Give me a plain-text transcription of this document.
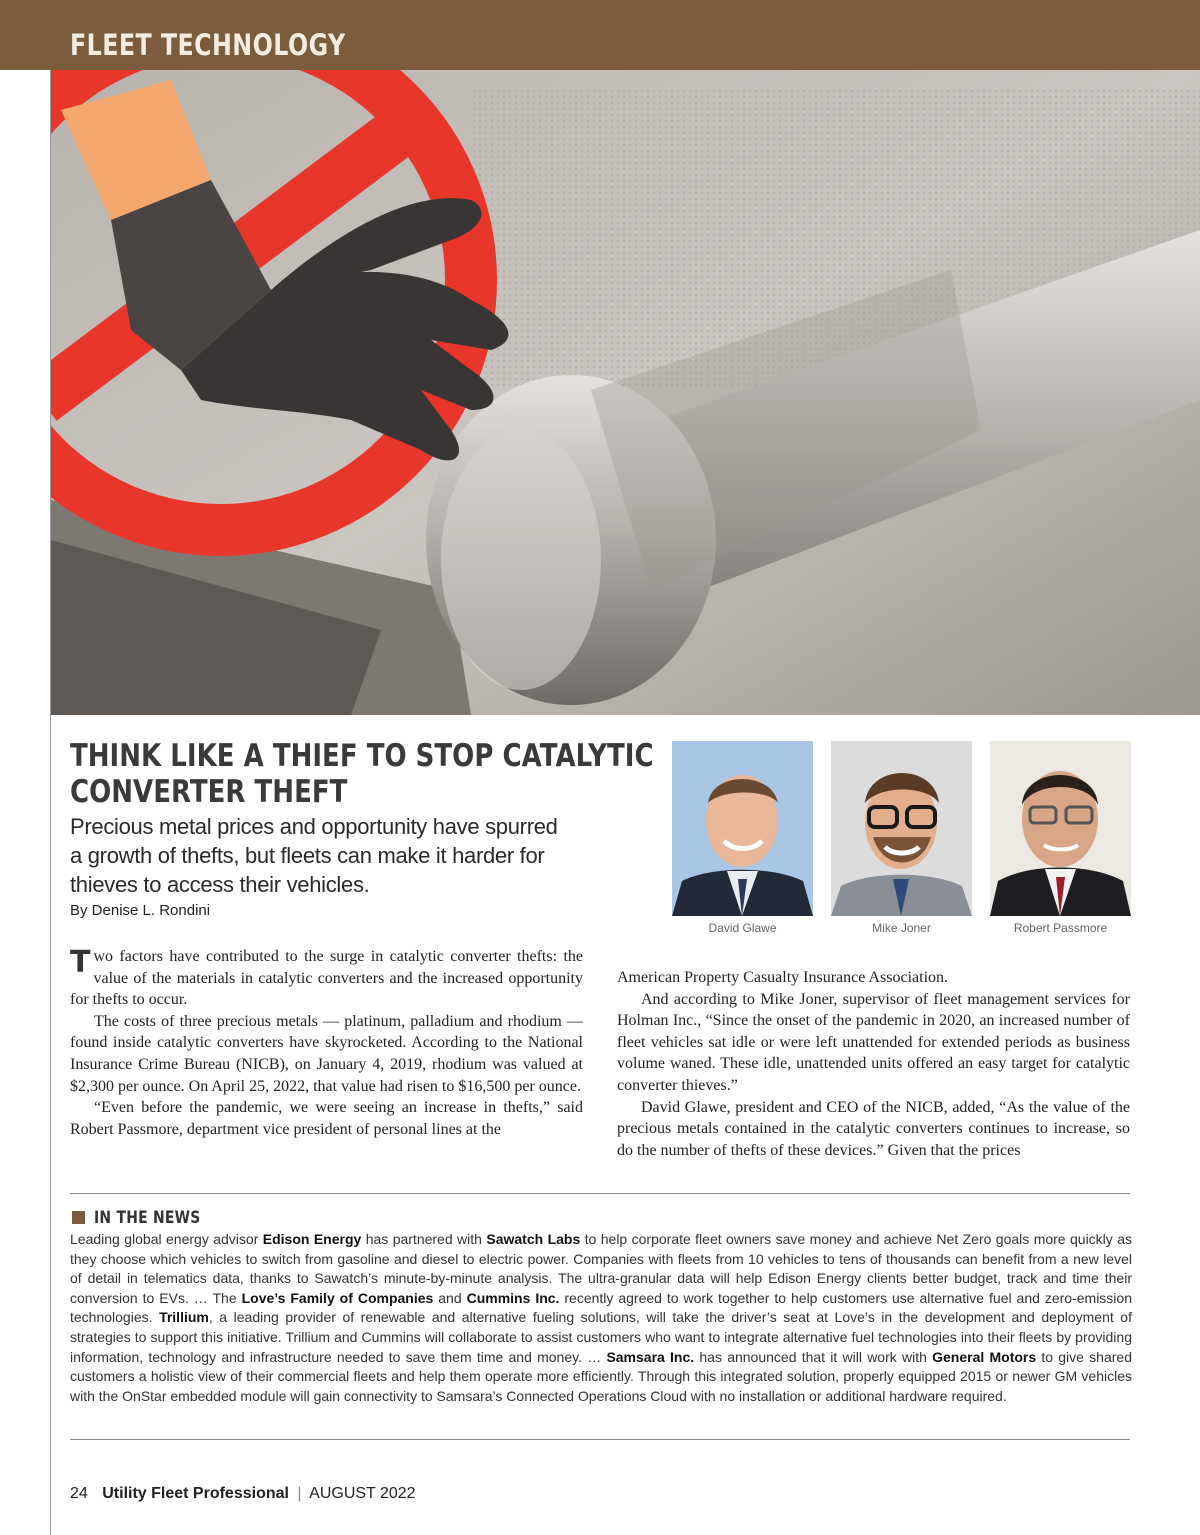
FLEET TECHNOLOGY
THINK LIKE A THIEF TO STOP CATALYTIC
CONVERTER THEFT
Precious metal prices and opportunity have spurred a growth of thefts, but fleets can make it harder for thieves to access their vehicles.
By Denise L. Rondini
David Glawe	Mike Joner	Robert Passmore

Two factors have contributed to the surge in catalytic converter thefts: the value of the materials in catalytic converters and the increased opportunity for thefts to occur.

The costs of three precious metals — platinum, palladium and rhodium — found inside catalytic converters have skyrocketed. According to the National Insurance Crime Bureau (NICB), on January 4, 2019, rhodium was valued at $2,300 per ounce. On April 25, 2022, that value had risen to $16,500 per ounce.

“Even before the pandemic, we were seeing an increase in thefts,” said Robert Passmore, department vice president of personal lines at the

American Property Casualty Insurance Association.

And according to Mike Joner, supervisor of fleet management services for Holman Inc., “Since the onset of the pandemic in 2020, an increased number of fleet vehicles sat idle or were left unattended for extended periods as business volume waned. These idle, unattended units offered an easy target for catalytic converter thieves.”

David Glawe, president and CEO of the NICB, added, “As the value of the precious metals contained in the catalytic converters continues to increase, so do the number of thefts of these devices.” Given that the prices

IN THE NEWS
Leading global energy advisor Edison Energy has partnered with Sawatch Labs to help corporate fleet owners save money and achieve Net Zero goals more quickly as they choose which vehicles to switch from gasoline and diesel to electric power. Companies with fleets from 10 vehicles to tens of thousands can benefit from a new level of detail in telematics data, thanks to Sawatch’s minute-by-minute analysis. The ultra-granular data will help Edison Energy clients better budget, track and time their conversion to EVs. … The Love’s Family of Companies and Cummins Inc. recently agreed to work together to help customers use alternative fuel and zero-emission technologies. Trillium, a leading provider of renewable and alternative fueling solutions, will take the driver’s seat at Love’s in the development and deployment of strategies to support this initiative. Trillium and Cummins will collaborate to assist customers who want to integrate alternative fuel technologies into their fleets by providing information, technology and infrastructure needed to save them time and money. … Samsara Inc. has announced that it will work with General Motors to give shared customers a holistic view of their commercial fleets and help them operate more efficiently. Through this integrated solution, properly equipped 2015 or newer GM vehicles with the OnStar embedded module will gain connectivity to Samsara’s Connected Operations Cloud with no installation or additional hardware required.
24 Utility Fleet Professional | AUGUST 2022
